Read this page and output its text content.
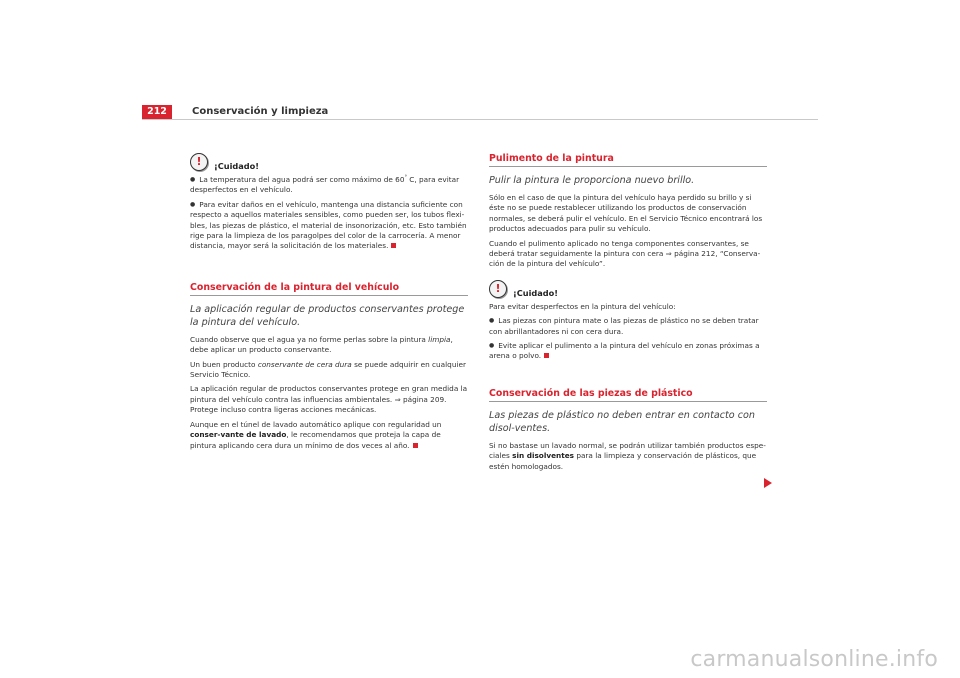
212	Conservación y limpieza
!	¡Cuidado!

● La temperatura del agua podrá ser como máximo de 60° C, para evitar desperfectos en el vehículo.

● Para evitar daños en el vehículo, mantenga una distancia suficiente con respecto a aquellos materiales sensibles, como pueden ser, los tubos flexi-bles, las piezas de plástico, el material de insonorización, etc. Esto también rige para la limpieza de los paragolpes del color de la carrocería. A menor distancia, mayor será la solicitación de los materiales.

Conservación de la pintura del vehículo
La aplicación regular de productos conservantes protege la pintura del vehículo.

Cuando observe que el agua ya no forme perlas sobre la pintura limpia, debe aplicar un producto conservante.

Un buen producto conservante de cera dura se puede adquirir en cualquier Servicio Técnico.

La aplicación regular de productos conservantes protege en gran medida la pintura del vehículo contra las influencias ambientales. ⇒ página 209. Protege incluso contra ligeras acciones mecánicas.

Aunque en el túnel de lavado automático aplique con regularidad un conser-vante de lavado, le recomendamos que proteja la capa de pintura aplicando cera dura un mínimo de dos veces al año.

Pulimento de la pintura
Pulir la pintura le proporciona nuevo brillo.

Sólo en el caso de que la pintura del vehículo haya perdido su brillo y si éste no se puede restablecer utilizando los productos de conservación normales, se deberá pulir el vehículo. En el Servicio Técnico encontrará los productos adecuados para pulir su vehículo.

Cuando el pulimento aplicado no tenga componentes conservantes, se deberá tratar seguidamente la pintura con cera ⇒ página 212, “Conserva-ción de la pintura del vehículo”.

!	¡Cuidado!

Para evitar desperfectos en la pintura del vehículo:

● Las piezas con pintura mate o las piezas de plástico no se deben tratar con abrillantadores ni con cera dura.

● Evite aplicar el pulimento a la pintura del vehículo en zonas próximas a arena o polvo.

Conservación de las piezas de plástico
Las piezas de plástico no deben entrar en contacto con disol-ventes.

Si no bastase un lavado normal, se podrán utilizar también productos espe-ciales sin disolventes para la limpieza y conservación de plásticos, que estén homologados.

carmanualsonline.info
